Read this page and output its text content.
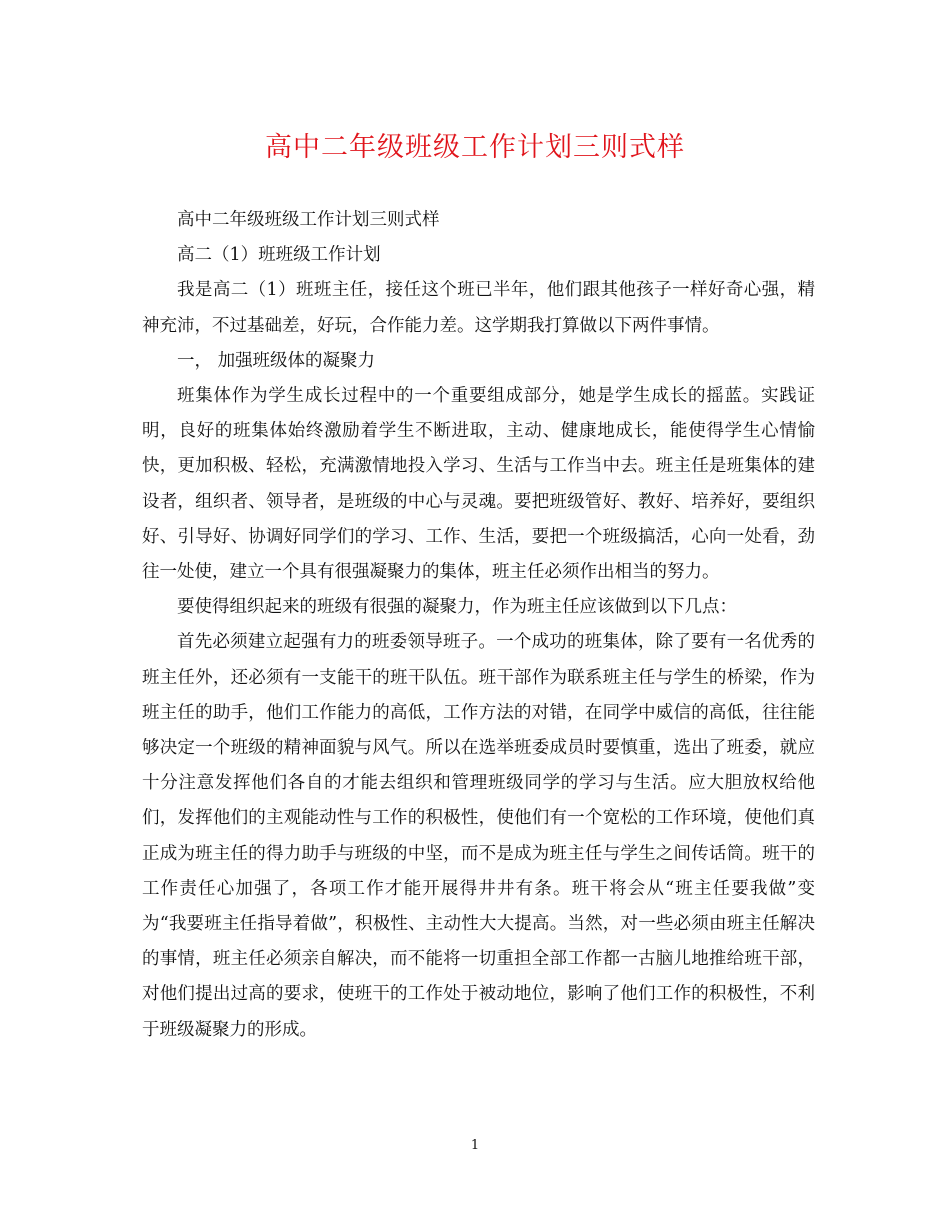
高中二年级班级工作计划三则式样

高中二年级班级工作计划三则式样

高二（1）班班级工作计划

我是高二（1）班班主任，接任这个班已半年，他们跟其他孩子一样好奇心强，精神充沛，不过基础差，好玩，合作能力差。这学期我打算做以下两件事情。

一， 加强班级体的凝聚力

班集体作为学生成长过程中的一个重要组成部分，她是学生成长的摇蓝。实践证明，良好的班集体始终激励着学生不断进取，主动、健康地成长，能使得学生心情愉快，更加积极、轻松，充满激情地投入学习、生活与工作当中去。班主任是班集体的建设者，组织者、领导者，是班级的中心与灵魂。要把班级管好、教好、培养好，要组织好、引导好、协调好同学们的学习、工作、生活，要把一个班级搞活，心向一处看，劲往一处使，建立一个具有很强凝聚力的集体，班主任必须作出相当的努力。

要使得组织起来的班级有很强的凝聚力，作为班主任应该做到以下几点：

首先必须建立起强有力的班委领导班子。一个成功的班集体，除了要有一名优秀的班主任外，还必须有一支能干的班干队伍。班干部作为联系班主任与学生的桥梁，作为班主任的助手，他们工作能力的高低，工作方法的对错，在同学中威信的高低，往往能够决定一个班级的精神面貌与风气。所以在选举班委成员时要慎重，选出了班委，就应十分注意发挥他们各自的才能去组织和管理班级同学的学习与生活。应大胆放权给他们，发挥他们的主观能动性与工作的积极性，使他们有一个宽松的工作环境，使他们真正成为班主任的得力助手与班级的中坚，而不是成为班主任与学生之间传话筒。班干的工作责任心加强了，各项工作才能开展得井井有条。班干将会从“班主任要我做”变为“我要班主任指导着做”，积极性、主动性大大提高。当然，对一些必须由班主任解决的事情，班主任必须亲自解决，而不能将一切重担全部工作都一古脑儿地推给班干部，对他们提出过高的要求，使班干的工作处于被动地位，影响了他们工作的积极性，不利于班级凝聚力的形成。

1
